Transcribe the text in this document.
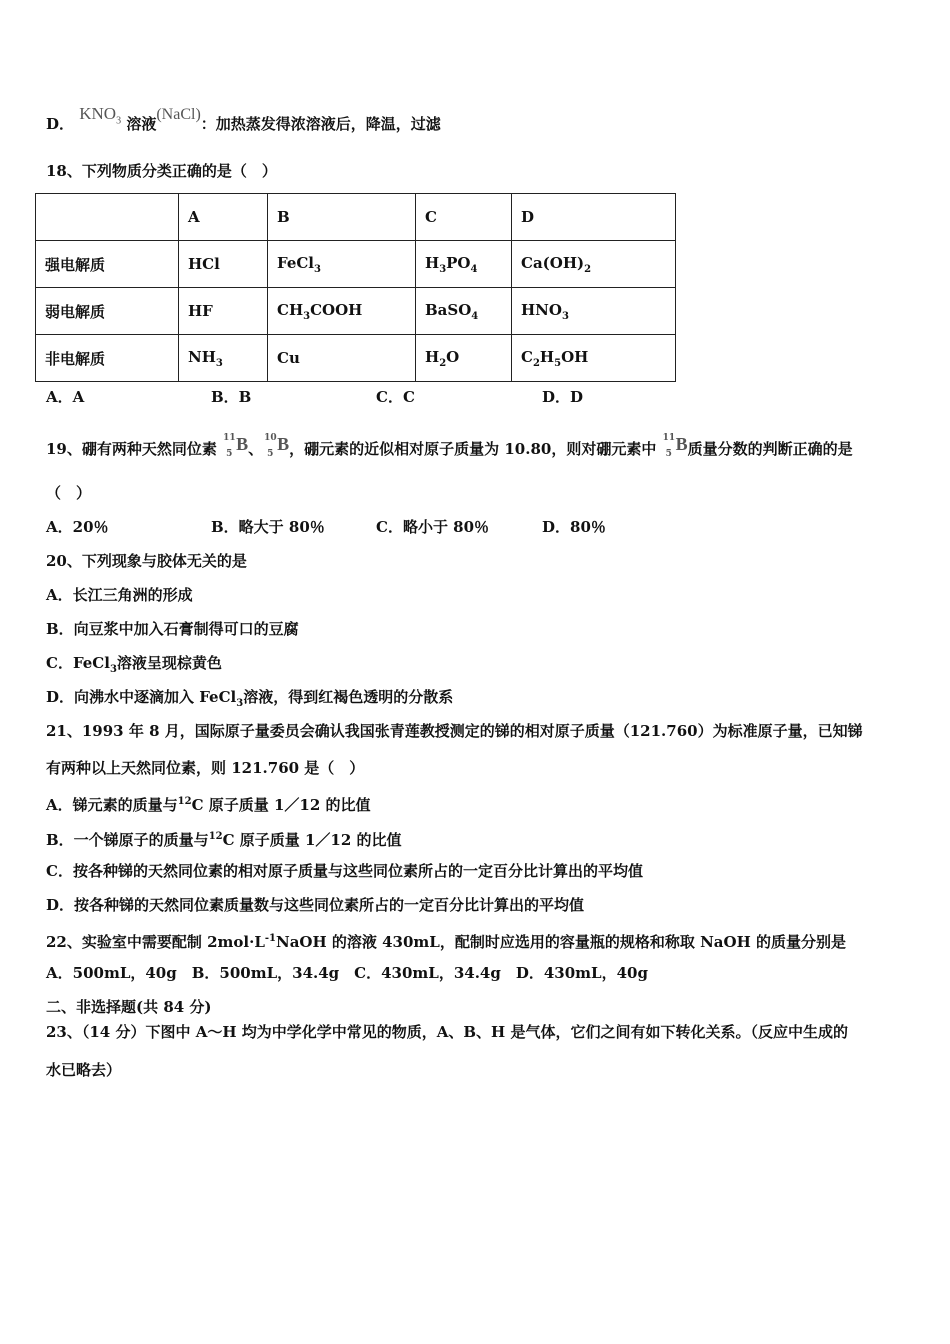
D． $KNO_3$ 溶液(NaCl)：加热蒸发得浓溶液后，降温，过滤
18、下列物质分类正确的是（　）
	A	B	C	D
强电解质	HCl	FeCl$_3$	$H_3PO_4$	$Ca(OH)_2$
弱电解质	HF	$CH_3COOH$	BaSO$_4$	$HNO_3$
非电解质	$NH_3$	Cu	$H_2O$	$C_2H_5OH$
A．A	B．B	C．C	D．D
19、硼有两种天然同位素
11
5 B 、
10
5 B ，硼元素的近似相对原子质量为 10.80，则对硼元素中
11
5 B 质量分数的判断正确的是
（　）
A．20％	B．略大于 80％	C．略小于 80％	D．80％
20、下列现象与胶体无关的是
A．长江三角洲的形成
B．向豆浆中加入石膏制得可口的豆腐
C．FeCl$_3$溶液呈现棕黄色
D．向沸水中逐滴加入 FeCl$_3$溶液，得到红褐色透明的分散系
21、1993 年 8 月，国际原子量委员会确认我国张青莲教授测定的锑的相对原子质量（121.760）为标准原子量，已知锑
有两种以上天然同位素，则 121.760 是（　）
A．锑元素的质量与$^{12}$C 原子质量 1／12 的比值
B．一个锑原子的质量与$^{12}$C 原子质量 1／12 的比值
C．按各种锑的天然同位素的相对原子质量与这些同位素所占的一定百分比计算出的平均值
D．按各种锑的天然同位素质量数与这些同位素所占的一定百分比计算出的平均值
22、实验室中需要配制 $2mol\cdot L^{-1}NaOH$ 的溶液 430mL，配制时应选用的容量瓶的规格和称取 NaOH 的质量分别是
A．500mL，40g　B．500mL，34.4g　C．430mL，34.4g　D．430mL，40g
二、非选择题(共 84 分)
23、（14 分）下图中 A～H 均为中学化学中常见的物质，A、B、H 是气体，它们之间有如下转化关系。（反应中生成的
水已略去）
